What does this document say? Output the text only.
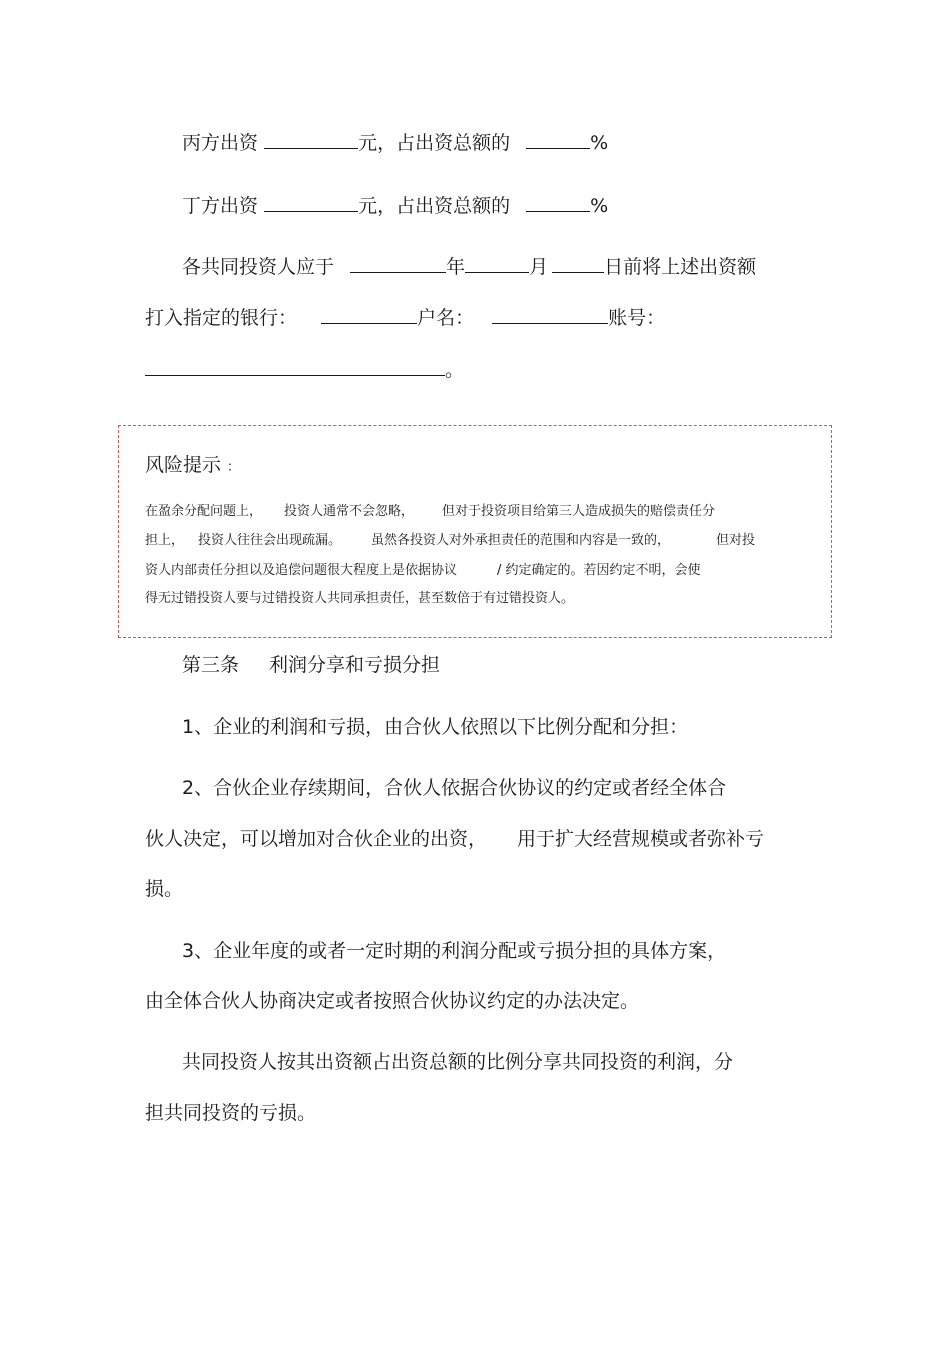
丙方出资	元，占出资总额的	%
丁方出资	元，占出资总额的	%
各共同投资人应于	年	月	日前将上述出资额
打入指定的银行：	户名：	账号：
。
风险提示 ：
在盈余分配问题上， 投资人通常不会忽略， 但对于投资项目给第三人造成损失的赔偿责任分
担上， 投资人往往会出现疏漏。 虽然各投资人对外承担责任的范围和内容是一致的，	但对投
资人内部责任分担以及追偿问题很大程度上是依据协议	/ 约定确定的。若因约定不明，会使
得无过错投资人要与过错投资人共同承担责任，甚至数倍于有过错投资人。
第三条 利润分享和亏损分担
1、企业的利润和亏损，由合伙人依照以下比例分配和分担：
2、合伙企业存续期间，合伙人依据合伙协议的约定或者经全体合
伙人决定，可以增加对合伙企业的出资， 用于扩大经营规模或者弥补亏
损。
3、企业年度的或者一定时期的利润分配或亏损分担的具体方案，
由全体合伙人协商决定或者按照合伙协议约定的办法决定。
共同投资人按其出资额占出资总额的比例分享共同投资的利润，分
担共同投资的亏损。
